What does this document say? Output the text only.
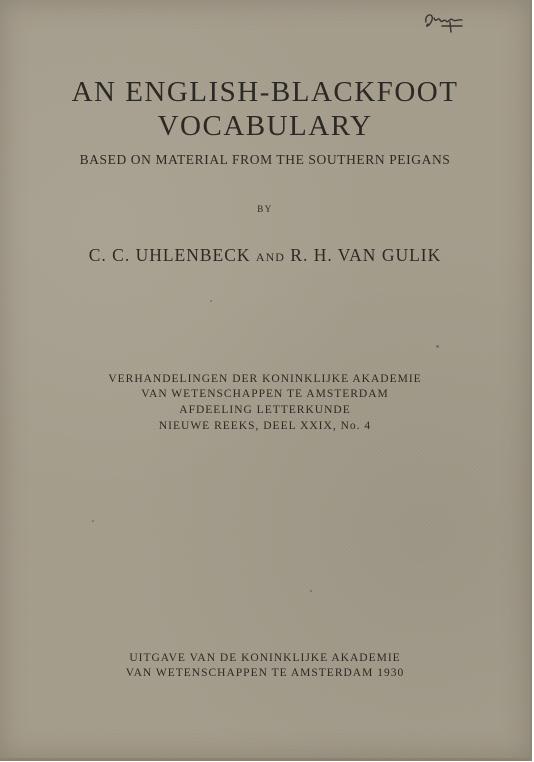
AN ENGLISH-BLACKFOOT
VOCABULARY
BASED ON MATERIAL FROM THE SOUTHERN PEIGANS
BY
C. C. UHLENBECK AND R. H. VAN GULIK
VERHANDELINGEN DER KONINKLIJKE AKADEMIE
VAN WETENSCHAPPEN TE AMSTERDAM
AFDEELING LETTERKUNDE
NIEUWE REEKS, DEEL XXIX, No. 4
UITGAVE VAN DE KONINKLIJKE AKADEMIE
VAN WETENSCHAPPEN TE AMSTERDAM 1930
